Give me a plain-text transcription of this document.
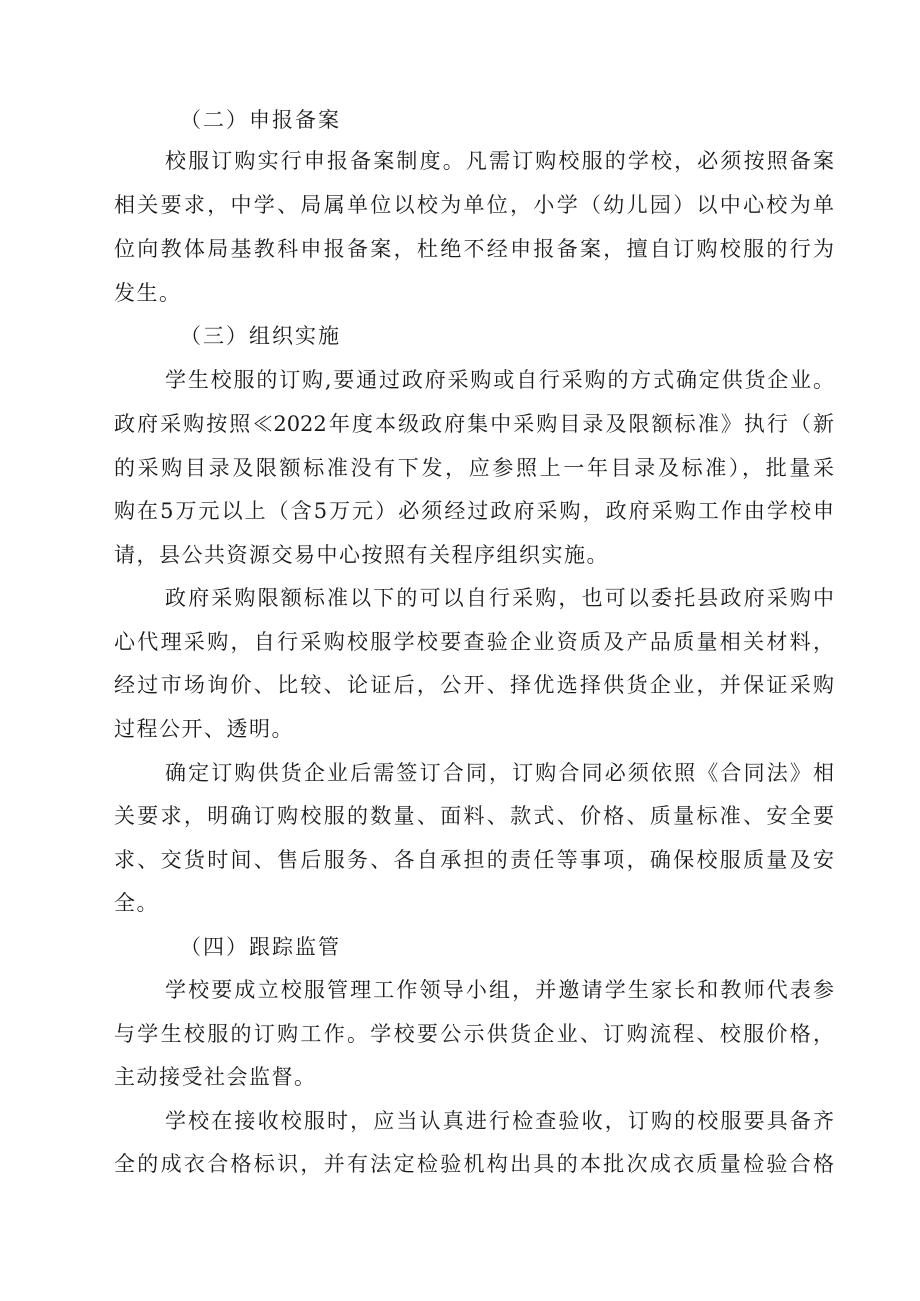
（二）申报备案
校服订购实行申报备案制度。凡需订购校服的学校，必须按照备案
相关要求，中学、局属单位以校为单位，小学（幼儿园）以中心校为单
位向教体局基教科申报备案，杜绝不经申报备案，擅自订购校服的行为
发生。
（三）组织实施
学生校服的订购,要通过政府采购或自行采购的方式确定供货企业。
政府采购按照≪2022年度本级政府集中采购目录及限额标准》执行（新
的采购目录及限额标准没有下发，应参照上一年目录及标准），批量采
购在5万元以上（含5万元）必须经过政府采购，政府采购工作由学校申
请，县公共资源交易中心按照有关程序组织实施。
政府采购限额标准以下的可以自行采购，也可以委托县政府采购中
心代理采购，自行采购校服学校要查验企业资质及产品质量相关材料，
经过市场询价、比较、论证后，公开、择优选择供货企业，并保证采购
过程公开、透明。
确定订购供货企业后需签订合同，订购合同必须依照《合同法》相
关要求，明确订购校服的数量、面料、款式、价格、质量标准、安全要
求、交货时间、售后服务、各自承担的责任等事项，确保校服质量及安
全。
（四）跟踪监管
学校要成立校服管理工作领导小组，并邀请学生家长和教师代表参
与学生校服的订购工作。学校要公示供货企业、订购流程、校服价格，
主动接受社会监督。
学校在接收校服时，应当认真进行检查验收，订购的校服要具备齐
全的成衣合格标识，并有法定检验机构出具的本批次成衣质量检验合格
